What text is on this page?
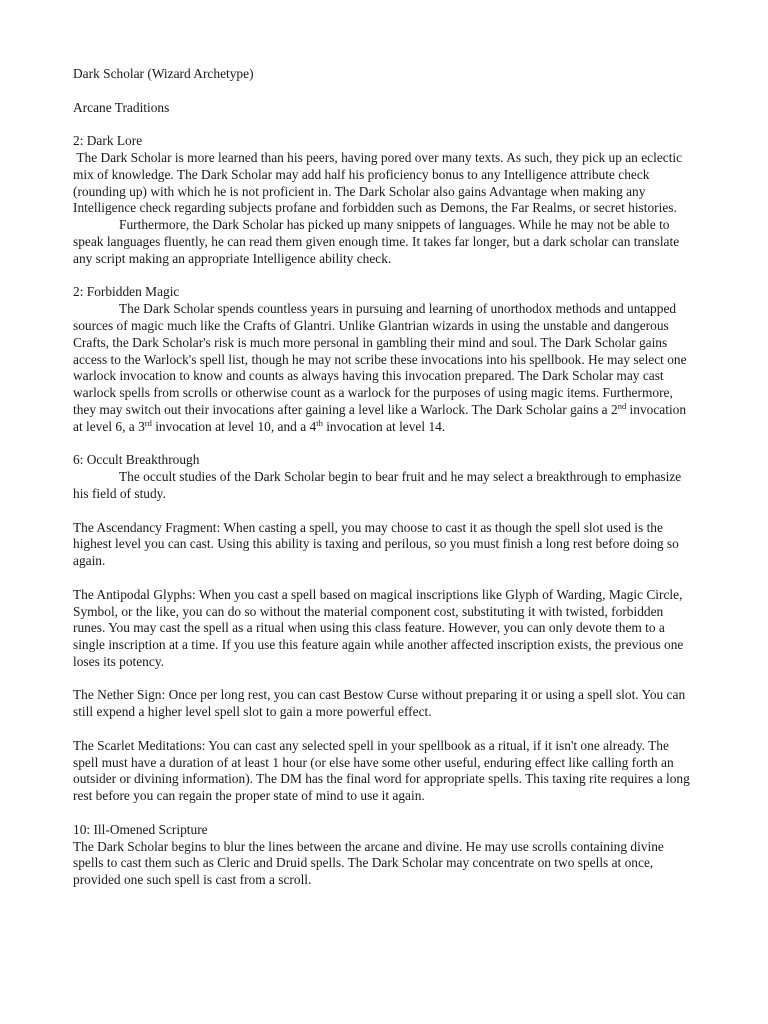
Dark Scholar (Wizard Archetype)

Arcane Traditions

2: Dark Lore

The Dark Scholar is more learned than his peers, having pored over many texts. As such, they pick up an eclectic mix of knowledge. The Dark Scholar may add half his proficiency bonus to any Intelligence attribute check (rounding up) with which he is not proficient in. The Dark Scholar also gains Advantage when making any Intelligence check regarding subjects profane and forbidden such as Demons, the Far Realms, or secret histories.

Furthermore, the Dark Scholar has picked up many snippets of languages. While he may not be able to speak languages fluently, he can read them given enough time. It takes far longer, but a dark scholar can translate any script making an appropriate Intelligence ability check.

2: Forbidden Magic

The Dark Scholar spends countless years in pursuing and learning of unorthodox methods and untapped sources of magic much like the Crafts of Glantri. Unlike Glantrian wizards in using the unstable and dangerous Crafts, the Dark Scholar's risk is much more personal in gambling their mind and soul. The Dark Scholar gains access to the Warlock's spell list, though he may not scribe these invocations into his spellbook. He may select one warlock invocation to know and counts as always having this invocation prepared. The Dark Scholar may cast warlock spells from scrolls or otherwise count as a warlock for the purposes of using magic items. Furthermore, they may switch out their invocations after gaining a level like a Warlock. The Dark Scholar gains a 2nd invocation at level 6, a 3rd invocation at level 10, and a 4th invocation at level 14.

6: Occult Breakthrough

The occult studies of the Dark Scholar begin to bear fruit and he may select a breakthrough to emphasize his field of study.

The Ascendancy Fragment: When casting a spell, you may choose to cast it as though the spell slot used is the highest level you can cast. Using this ability is taxing and perilous, so you must finish a long rest before doing so again.

The Antipodal Glyphs: When you cast a spell based on magical inscriptions like Glyph of Warding, Magic Circle, Symbol, or the like, you can do so without the material component cost, substituting it with twisted, forbidden runes. You may cast the spell as a ritual when using this class feature. However, you can only devote them to a single inscription at a time. If you use this feature again while another affected inscription exists, the previous one loses its potency.

The Nether Sign: Once per long rest, you can cast Bestow Curse without preparing it or using a spell slot. You can still expend a higher level spell slot to gain a more powerful effect.

The Scarlet Meditations: You can cast any selected spell in your spellbook as a ritual, if it isn't one already. The spell must have a duration of at least 1 hour (or else have some other useful, enduring effect like calling forth an outsider or divining information). The DM has the final word for appropriate spells. This taxing rite requires a long rest before you can regain the proper state of mind to use it again.

10: Ill-Omened Scripture

The Dark Scholar begins to blur the lines between the arcane and divine. He may use scrolls containing divine spells to cast them such as Cleric and Druid spells. The Dark Scholar may concentrate on two spells at once, provided one such spell is cast from a scroll.
